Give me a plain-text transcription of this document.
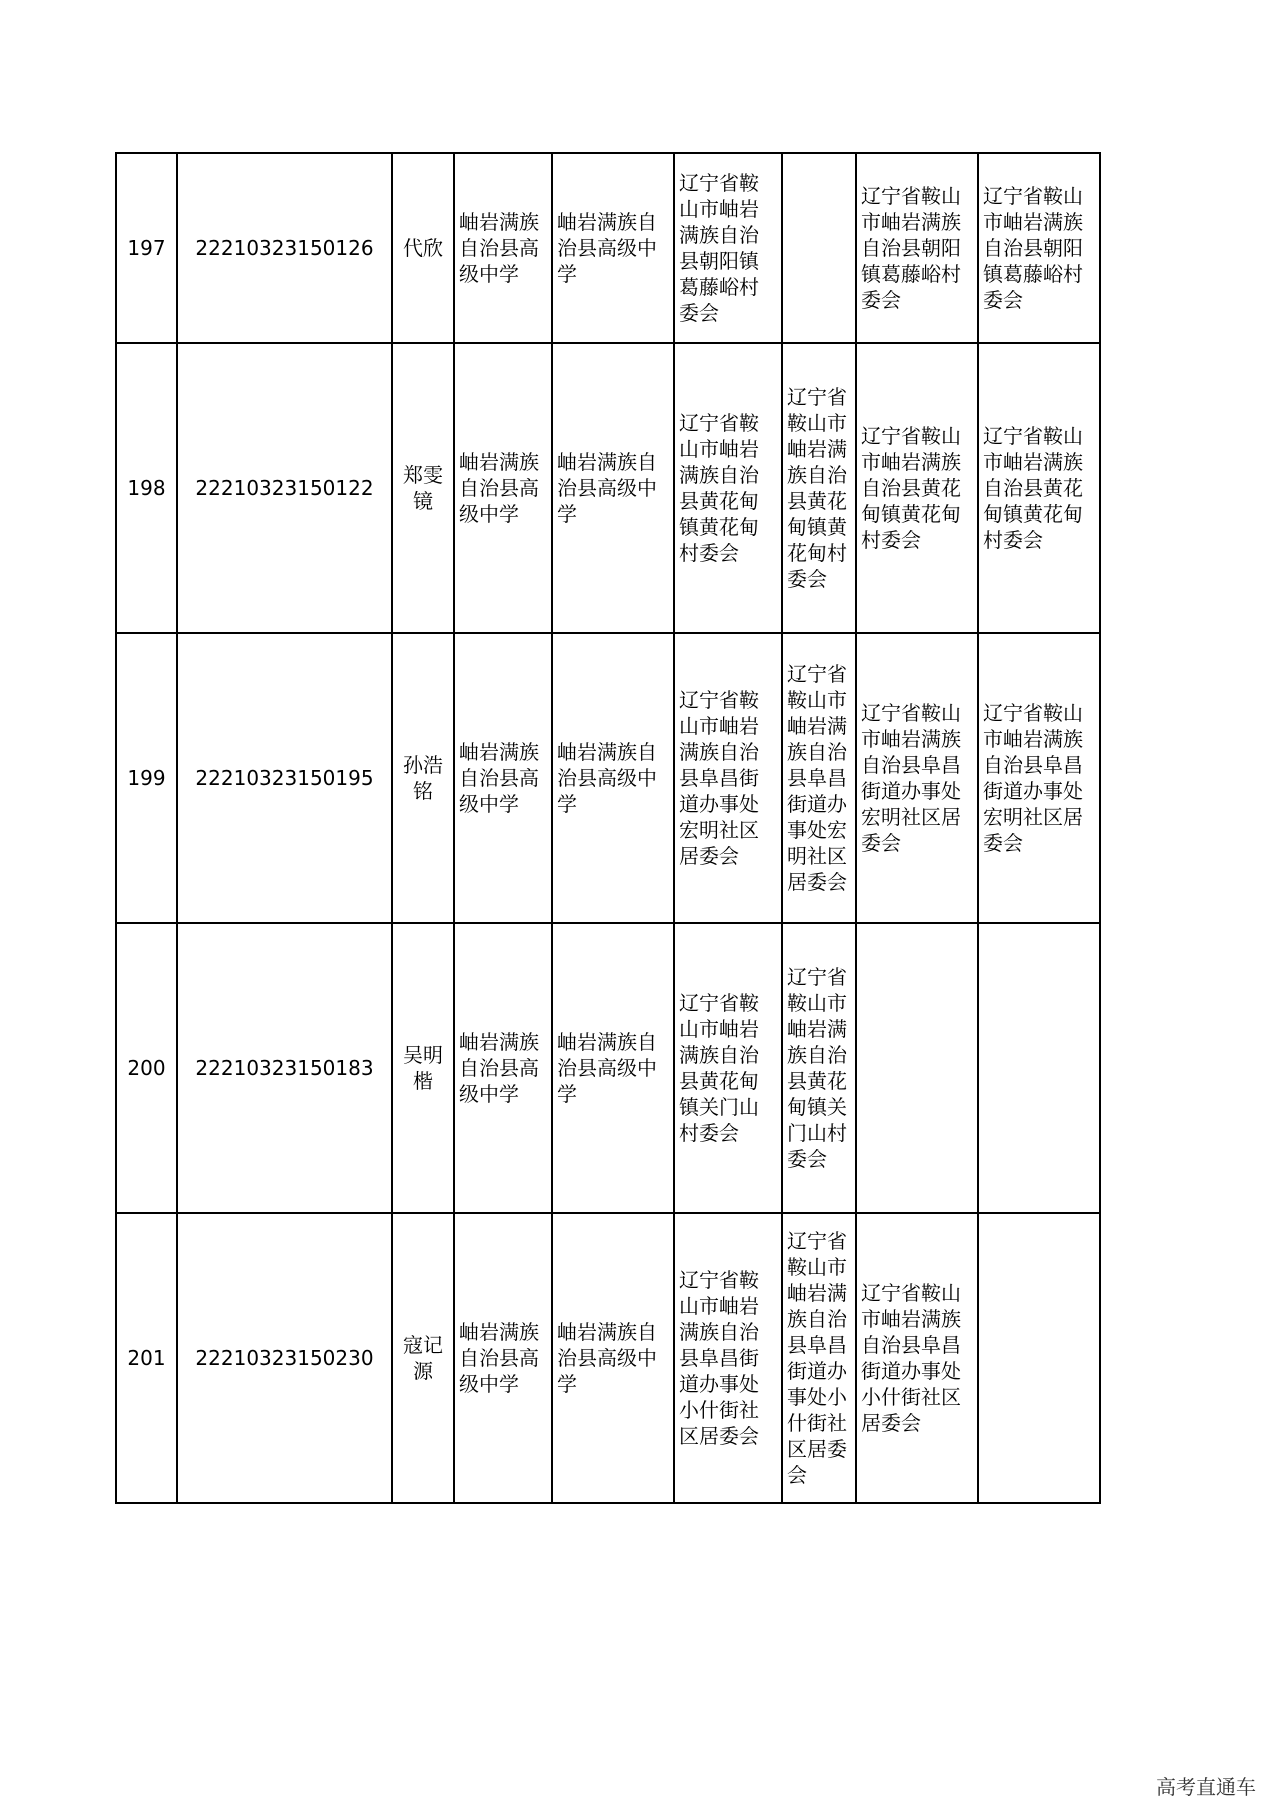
197	22210323150126	代欣	岫岩满族自治县高级中学	岫岩满族自治县高级中学	辽宁省鞍山市岫岩满族自治县朝阳镇葛藤峪村委会		辽宁省鞍山市岫岩满族自治县朝阳镇葛藤峪村委会	辽宁省鞍山市岫岩满族自治县朝阳镇葛藤峪村委会
198	22210323150122	郑雯镜	岫岩满族自治县高级中学	岫岩满族自治县高级中学	辽宁省鞍山市岫岩满族自治县黄花甸镇黄花甸村委会	辽宁省鞍山市岫岩满族自治县黄花甸镇黄花甸村委会	辽宁省鞍山市岫岩满族自治县黄花甸镇黄花甸村委会	辽宁省鞍山市岫岩满族自治县黄花甸镇黄花甸村委会
199	22210323150195	孙浩铭	岫岩满族自治县高级中学	岫岩满族自治县高级中学	辽宁省鞍山市岫岩满族自治县阜昌街道办事处宏明社区居委会	辽宁省鞍山市岫岩满族自治县阜昌街道办事处宏明社区居委会	辽宁省鞍山市岫岩满族自治县阜昌街道办事处宏明社区居委会	辽宁省鞍山市岫岩满族自治县阜昌街道办事处宏明社区居委会
200	22210323150183	吴明楷	岫岩满族自治县高级中学	岫岩满族自治县高级中学	辽宁省鞍山市岫岩满族自治县黄花甸镇关门山村委会	辽宁省鞍山市岫岩满族自治县黄花甸镇关门山村委会		
201	22210323150230	寇记源	岫岩满族自治县高级中学	岫岩满族自治县高级中学	辽宁省鞍山市岫岩满族自治县阜昌街道办事处小什街社区居委会	辽宁省鞍山市岫岩满族自治县阜昌街道办事处小什街社区居委会	辽宁省鞍山市岫岩满族自治县阜昌街道办事处小什街社区居委会	
高考直通车
